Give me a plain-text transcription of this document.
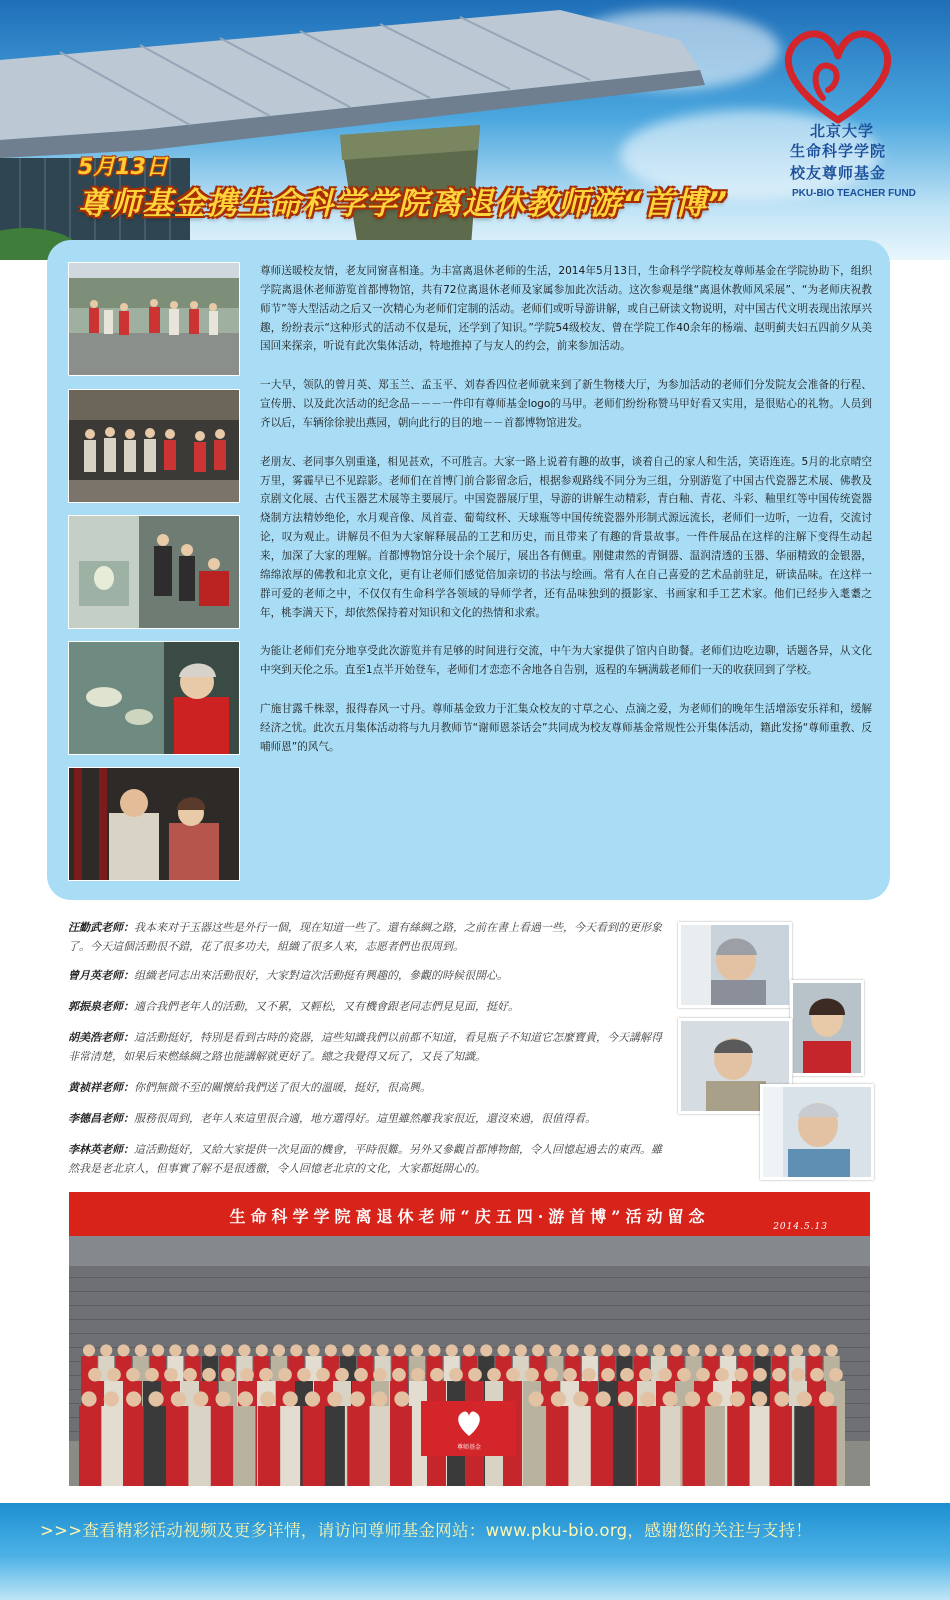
5月13日
尊师基金携生命科学学院离退休教师游“首博”
北京大学
生命科学学院
校友尊师基金
PKU-BIO TEACHER FUND

尊师送暖校友情，老友同窗喜相逢。为丰富离退休老师的生活，2014年5月13日，生命科学学院校友尊师基金在学院协助下，组织学院离退休老师游览首都博物馆，共有72位离退休老师及家属参加此次活动。这次参观是继“离退休教师风采展”、“为老师庆祝教师节”等大型活动之后又一次精心为老师们定制的活动。老师们或听导游讲解，或自己研读文物说明，对中国古代文明表现出浓厚兴趣，纷纷表示“这种形式的活动不仅是玩，还学到了知识。”学院54级校友、曾在学院工作40余年的杨端、赵明蓟夫妇五四前夕从美国回来探亲，听说有此次集体活动，特地推掉了与友人的约会，前来参加活动。

一大早，领队的曾月英、郑玉兰、孟玉平、刘春香四位老师就来到了新生物楼大厅，为参加活动的老师们分发院友会准备的行程、宣传册、以及此次活动的纪念品－－－一件印有尊师基金logo的马甲。老师们纷纷称赞马甲好看又实用，是很贴心的礼物。人员到齐以后，车辆徐徐驶出燕园，朝向此行的目的地－－首都博物馆进发。

老朋友、老同事久别重逢，相见甚欢，不可胜言。大家一路上说着有趣的故事，谈着自己的家人和生活，笑语连连。5月的北京晴空万里，雾霾早已不见踪影。老师们在首博门前合影留念后，根据参观路线不同分为三组，分别游览了中国古代瓷器艺术展、佛教及京剧文化展、古代玉器艺术展等主要展厅。中国瓷器展厅里，导游的讲解生动精彩，青白釉、青花、斗彩、釉里红等中国传统瓷器烧制方法精妙绝伦，水月观音像、凤首壶、葡萄纹杯、天球瓶等中国传统瓷器外形制式源远流长，老师们一边听，一边看，交流讨论，叹为观止。讲解员不但为大家解释展品的工艺和历史，而且带来了有趣的背景故事。一件件展品在这样的注解下变得生动起来，加深了大家的理解。首都博物馆分设十余个展厅，展出各有侧重。刚健肃然的青铜器、温润清透的玉器、华丽精致的金银器，绵绵浓厚的佛教和北京文化，更有让老师们感觉倍加亲切的书法与绘画。常有人在自己喜爱的艺术品前驻足，研读品味。在这样一群可爱的老师之中，不仅仅有生命科学各领域的导师学者，还有品味独到的摄影家、书画家和手工艺术家。他们已经步入耄耋之年，桃李满天下，却依然保持着对知识和文化的热情和求索。

为能让老师们充分地享受此次游览并有足够的时间进行交流，中午为大家提供了馆内自助餐。老师们边吃边聊，话题各异，从文化中突到天伦之乐。直至1点半开始登车，老师们才恋恋不舍地各自告别，返程的车辆满载老师们一天的收获回到了学校。

广施甘露千株翠，报得春风一寸丹。尊师基金致力于汇集众校友的寸草之心、点滴之爱，为老师们的晚年生活增添安乐祥和，缓解经济之忧。此次五月集体活动将与九月教师节“谢师恩茶话会”共同成为校友尊师基金常规性公开集体活动，籍此发扬“尊师重教、反哺师恩”的风气。

汪勤武老师：我本来对于玉器这些是外行一個，现在知道一些了。還有絲綢之路，之前在書上看過一些，今天看到的更形象了。今天這個活動很不錯，花了很多功夫，組織了很多人來，志愿者們也很周到。
曾月英老师：组織老同志出來活動很好，大家對這次活動挺有興趣的，參觀的時候很開心。
郭振泉老师：適合我們老年人的活動，又不累，又輕松，又有機會跟老同志們見見面，挺好。
胡美浩老师：這活動挺好，特別是看到古時的瓷器，這些知識我們以前都不知道，看見瓶子不知道它怎麼寶貴，今天講解得非常清楚，如果后來燃絲綢之路也能講解就更好了。總之我覺得又玩了，又長了知識。
黄祯祥老师：你們無微不至的關懷給我們送了很大的溫暖，挺好，很高興。
李德昌老师：服務很周到，老年人來這里很合適，地方選得好。這里雖然離我家很近，還沒來過，很值得看。
李林英老师：這活動挺好，又給大家提供一次見面的機會，平時很難。另外又參觀首都博物館，令人回憶起過去的東西。雖然我是老北京人，但事實了解不是很透徹，令人回憶老北京的文化，大家都挺開心的。
生命科学学院离退休老师“庆五四·游首博”活动留念
2014.5.13
尊师基金
>>>查看精彩活动视频及更多详情，请访问尊师基金网站：www.pku-bio.org，感谢您的关注与支持！
